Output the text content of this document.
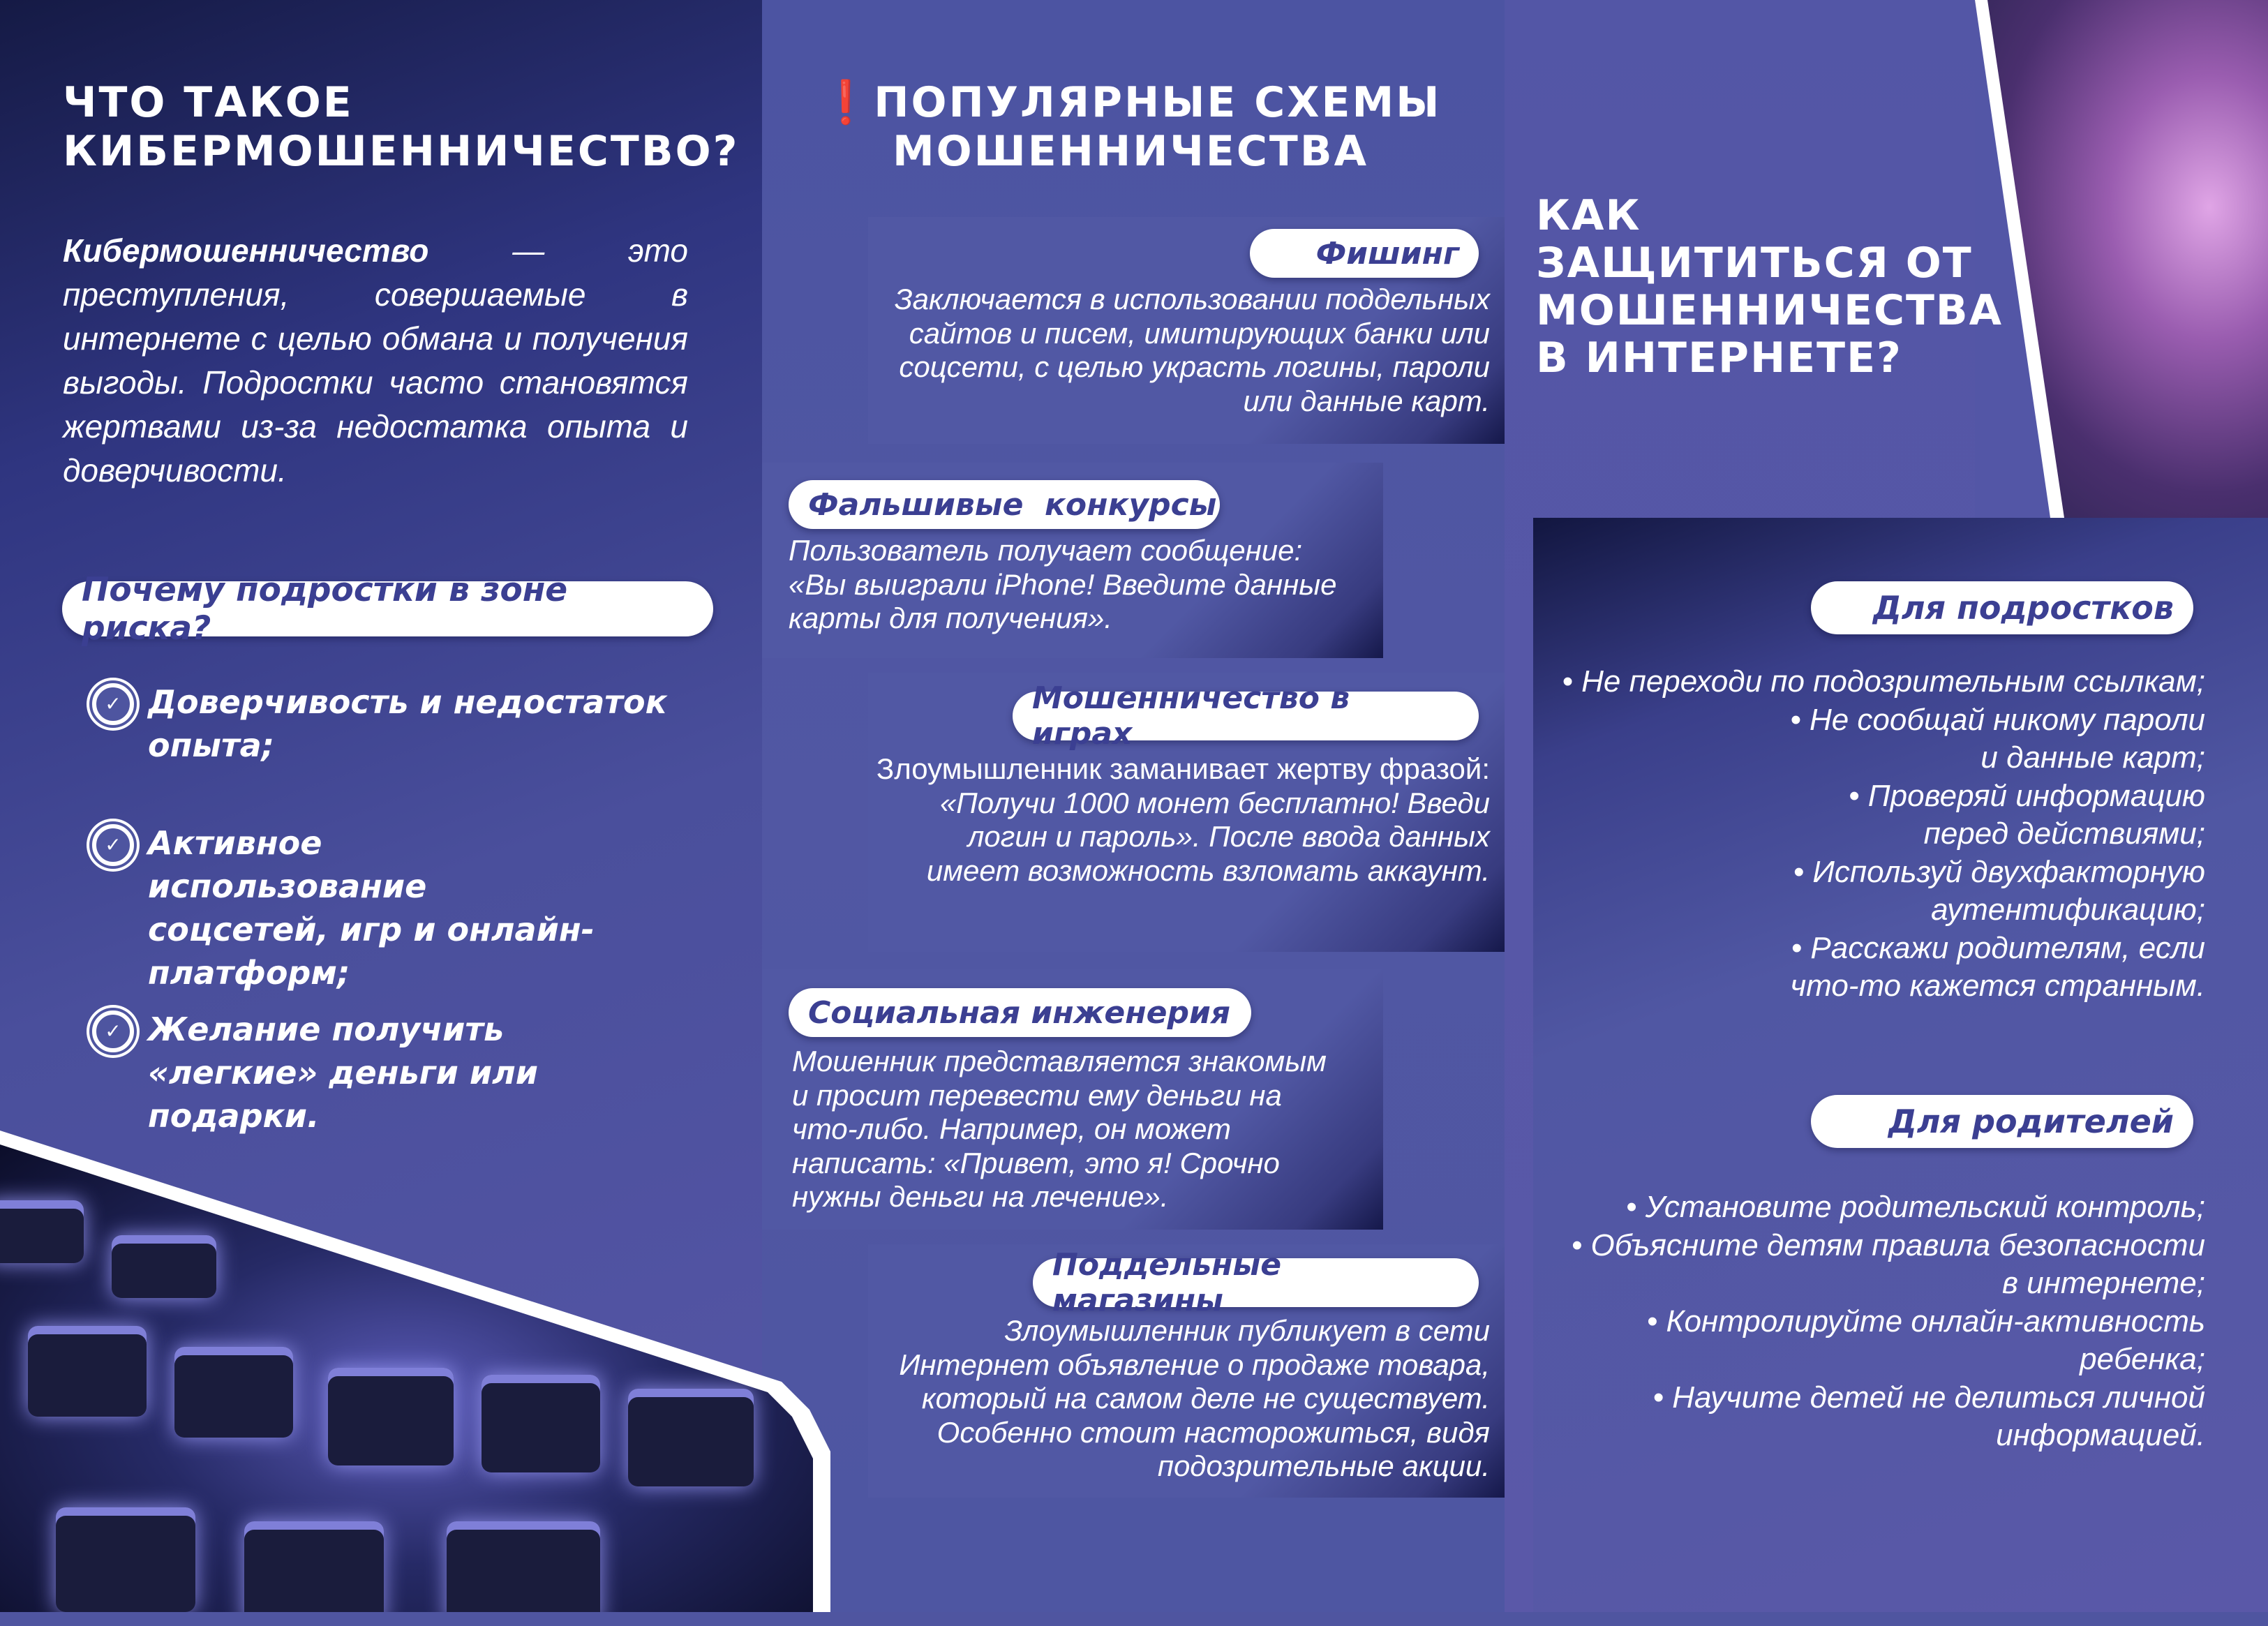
ЧТО ТАКОЕ
КИБЕРМОШЕННИЧЕСТВО?

Кибермошенничество — это преступления, совершаемые в интернете с целью обмана и получения выгоды. Подростки часто становятся жертвами из-за недостатка опыта и доверчивости.

Почему подростки в зоне риска?
✓ Доверчивость и недостаток опыта;
✓ Активное использование соцсетей, игр и онлайн-платформ;
✓ Желание получить «легкие» деньги или подарки.
❗ПОПУЛЯРНЫЕ СХЕМЫ
МОШЕННИЧЕСТВА
Фишинг

Заключается в использовании поддельных сайтов и писем, имитирующих банки или соцсети, с целью украсть логины, пароли или данные карт.

Фальшивые  конкурсы

Пользователь получает сообщение: «Вы выиграли iPhone! Введите данные карты для получения».

Мошенничество в играх

Злоумышленник заманивает жертву фразой: «Получи 1000 монет бесплатно! Введи логин и пароль». После ввода данных имеет возможность взломать аккаунт.

Социальная инженерия

Мошенник представляется знакомым и просит перевести ему деньги на что-либо. Например, он может написать: «Привет, это я! Срочно нужны деньги на лечение».

Поддельные магазины

Злоумышленник публикует в сети Интернет объявление о продаже товара, который на самом деле не существует. Особенно стоит насторожиться, видя подозрительные акции.

КАК
ЗАЩИТИТЬСЯ ОТ
МОШЕННИЧЕСТВА
В ИНТЕРНЕТЕ?
Для подростков
• Не переходи по подозрительным ссылкам;
• Не сообщай никому пароли и данные карт;
• Проверяй информацию перед действиями;
• Используй двухфакторную аутентификацию;
• Расскажи родителям, если что-то кажется странным.
Для родителей
• Установите родительский контроль;
• Объясните детям правила безопасности в интернете;
• Контролируйте онлайн-активность ребенка;
• Научите детей не делиться личной информацией.
